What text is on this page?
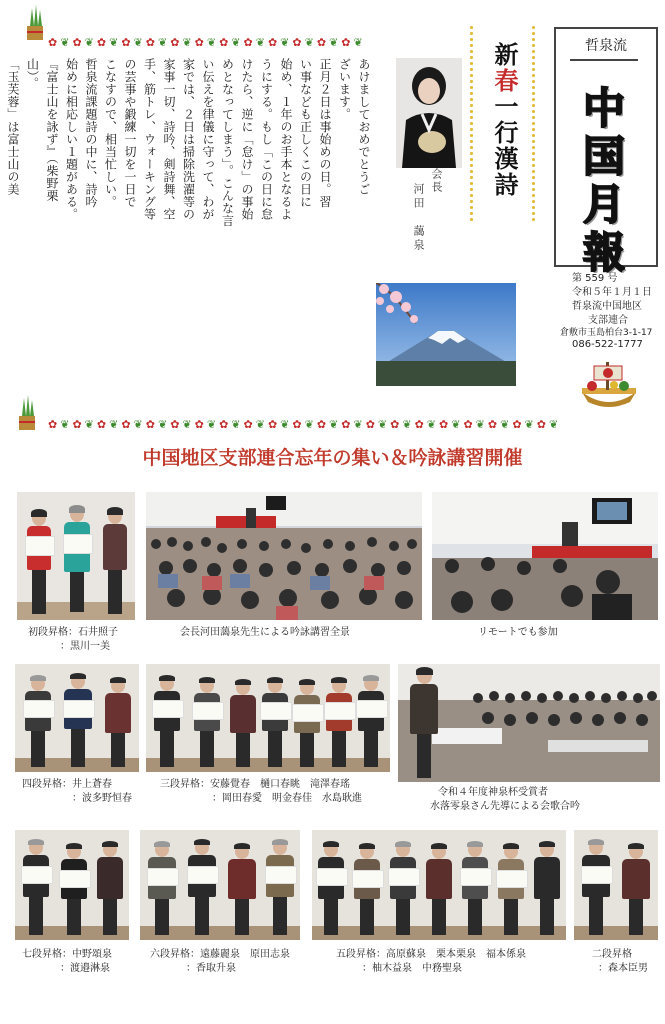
✿❦✿❦✿❦✿❦✿❦✿❦✿❦✿❦✿❦✿❦✿❦✿❦✿❦
✿❦✿❦✿❦✿❦✿❦✿❦✿❦✿❦✿❦✿❦✿❦✿❦✿❦✿❦✿❦✿❦✿❦✿❦✿❦✿❦✿❦
あけましておめでとうご
ざいます。
正月２日は事始めの日。習
い事なども正しくこの日に
始め、１年のお手本となるよ
うにする。もし「この日に怠
けたら、逆に「怠け」の事始
めとなってしまう」。こんな言
い伝えを律儀に守って、わが
家では、２日は掃除洗濯等の
家事一切、詩吟、剣詩舞、空
手、筋トレ、ウォーキング等
の芸事や鍛練一切を一日で
こなすので、相当忙しい。
哲泉流課題詩の中に、詩吟
始めに相応しい１題がある。
『富士山を詠ず』（柴野栗
山）。
「玉芙蓉」は富士山の美
新春一行漢詩
会長
河田　藹泉
哲泉流
中
国
月
報
第 559 号
令和５年１月１日
哲泉流中国地区
支部連合
倉敷市玉島柏台3-1-17
086-522-1777
中国地区支部連合忘年の集い＆吟詠講習開催
初段昇格：石井照子
：黒川一美
会長河田藹泉先生による吟詠講習全景	リモートでも参加
四段昇格：井上蒼春
：波多野恒春
三段昇格：安藤覺春　樋口春眺　滝澤春瑤
：岡田春愛　明金春佳　水島耿進
令和４年度神泉杯受賞者
水落零泉さん先導による会歌合吟
七段昇格：中野頌泉
：渡邉淋泉
六段昇格：遠藤麗泉　原田志泉
：香取升泉
五段昇格：高原蘇泉　栗本栗泉　福本係泉
：柚木益泉　中務聖泉
二段昇格
：森本臣男
